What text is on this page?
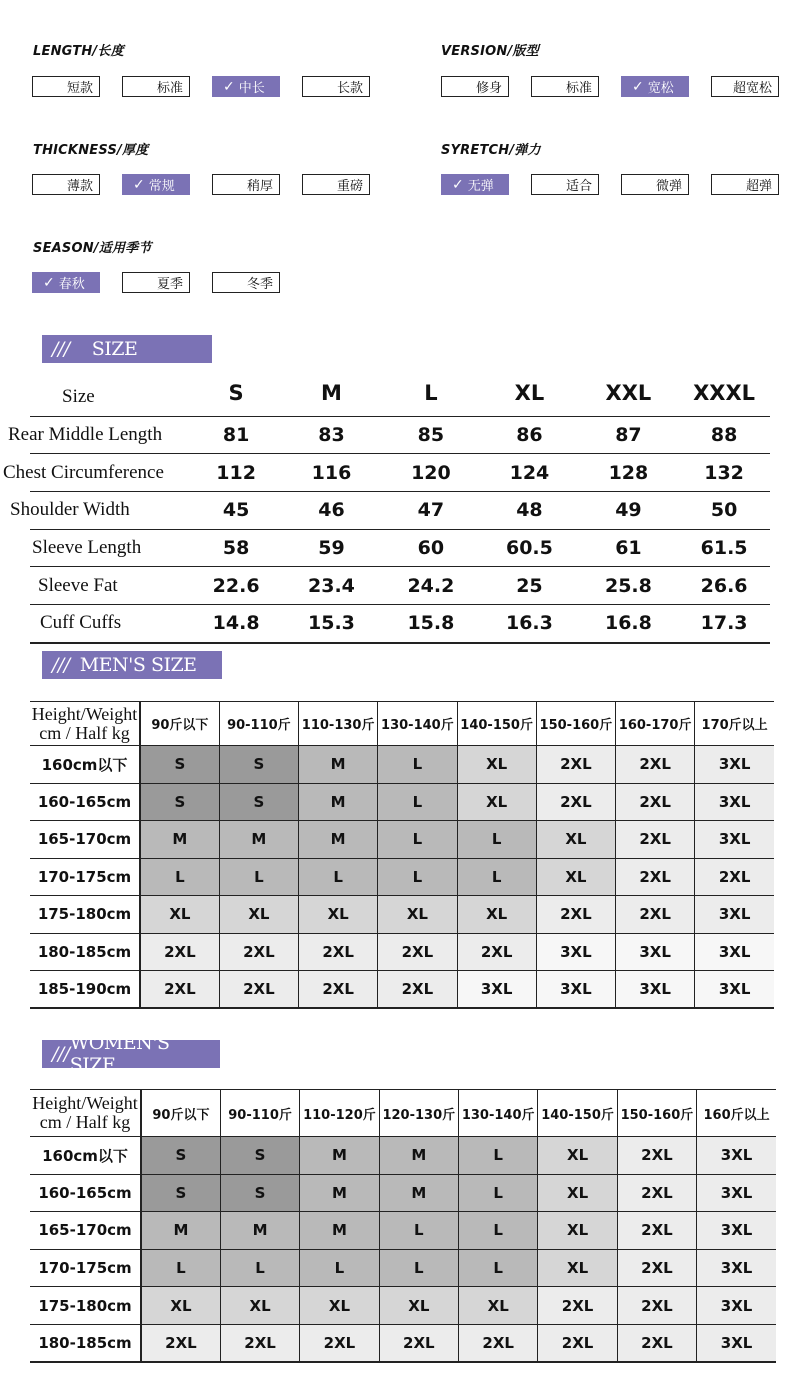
LENGTH/长度
短款	标准	✓ 中长	长款
VERSION/版型
修身	标准	✓ 宽松	超宽松
THICKNESS/厚度
薄款	✓ 常规	稍厚	重磅
SYRETCH/弹力
✓ 无弹	适合	微弹	超弹
SEASON/适用季节
✓ 春秋	夏季	冬季
/// SIZE
Size	S	M	L	XL	XXL	XXXL
Rear Middle Length	81	83	85	86	87	88
Chest Circumference	112	116	120	124	128	132
Shoulder Width	45	46	47	48	49	50
Sleeve Length	58	59	60	60.5	61	61.5
Sleeve Fat	22.6	23.4	24.2	25	25.8	26.6
Cuff Cuffs	14.8	15.3	15.8	16.3	16.8	17.3
/// MEN'S SIZE
Height/Weight
cm / Half kg	90斤以下	90-110斤	110-130斤	130-140斤	140-150斤	150-160斤	160-170斤	170斤以上
160cm以下	S	S	M	L	XL	2XL	2XL	3XL
160-165cm	S	S	M	L	XL	2XL	2XL	3XL
165-170cm	M	M	M	L	L	XL	2XL	3XL
170-175cm	L	L	L	L	L	XL	2XL	2XL
175-180cm	XL	XL	XL	XL	XL	2XL	2XL	3XL
180-185cm	2XL	2XL	2XL	2XL	2XL	3XL	3XL	3XL
185-190cm	2XL	2XL	2XL	2XL	3XL	3XL	3XL	3XL
/// WOMEN'S SIZE
Height/Weight
cm / Half kg	90斤以下	90-110斤	110-120斤	120-130斤	130-140斤	140-150斤	150-160斤	160斤以上
160cm以下	S	S	M	M	L	XL	2XL	3XL
160-165cm	S	S	M	M	L	XL	2XL	3XL
165-170cm	M	M	M	L	L	XL	2XL	3XL
170-175cm	L	L	L	L	L	XL	2XL	3XL
175-180cm	XL	XL	XL	XL	XL	2XL	2XL	3XL
180-185cm	2XL	2XL	2XL	2XL	2XL	2XL	2XL	3XL
